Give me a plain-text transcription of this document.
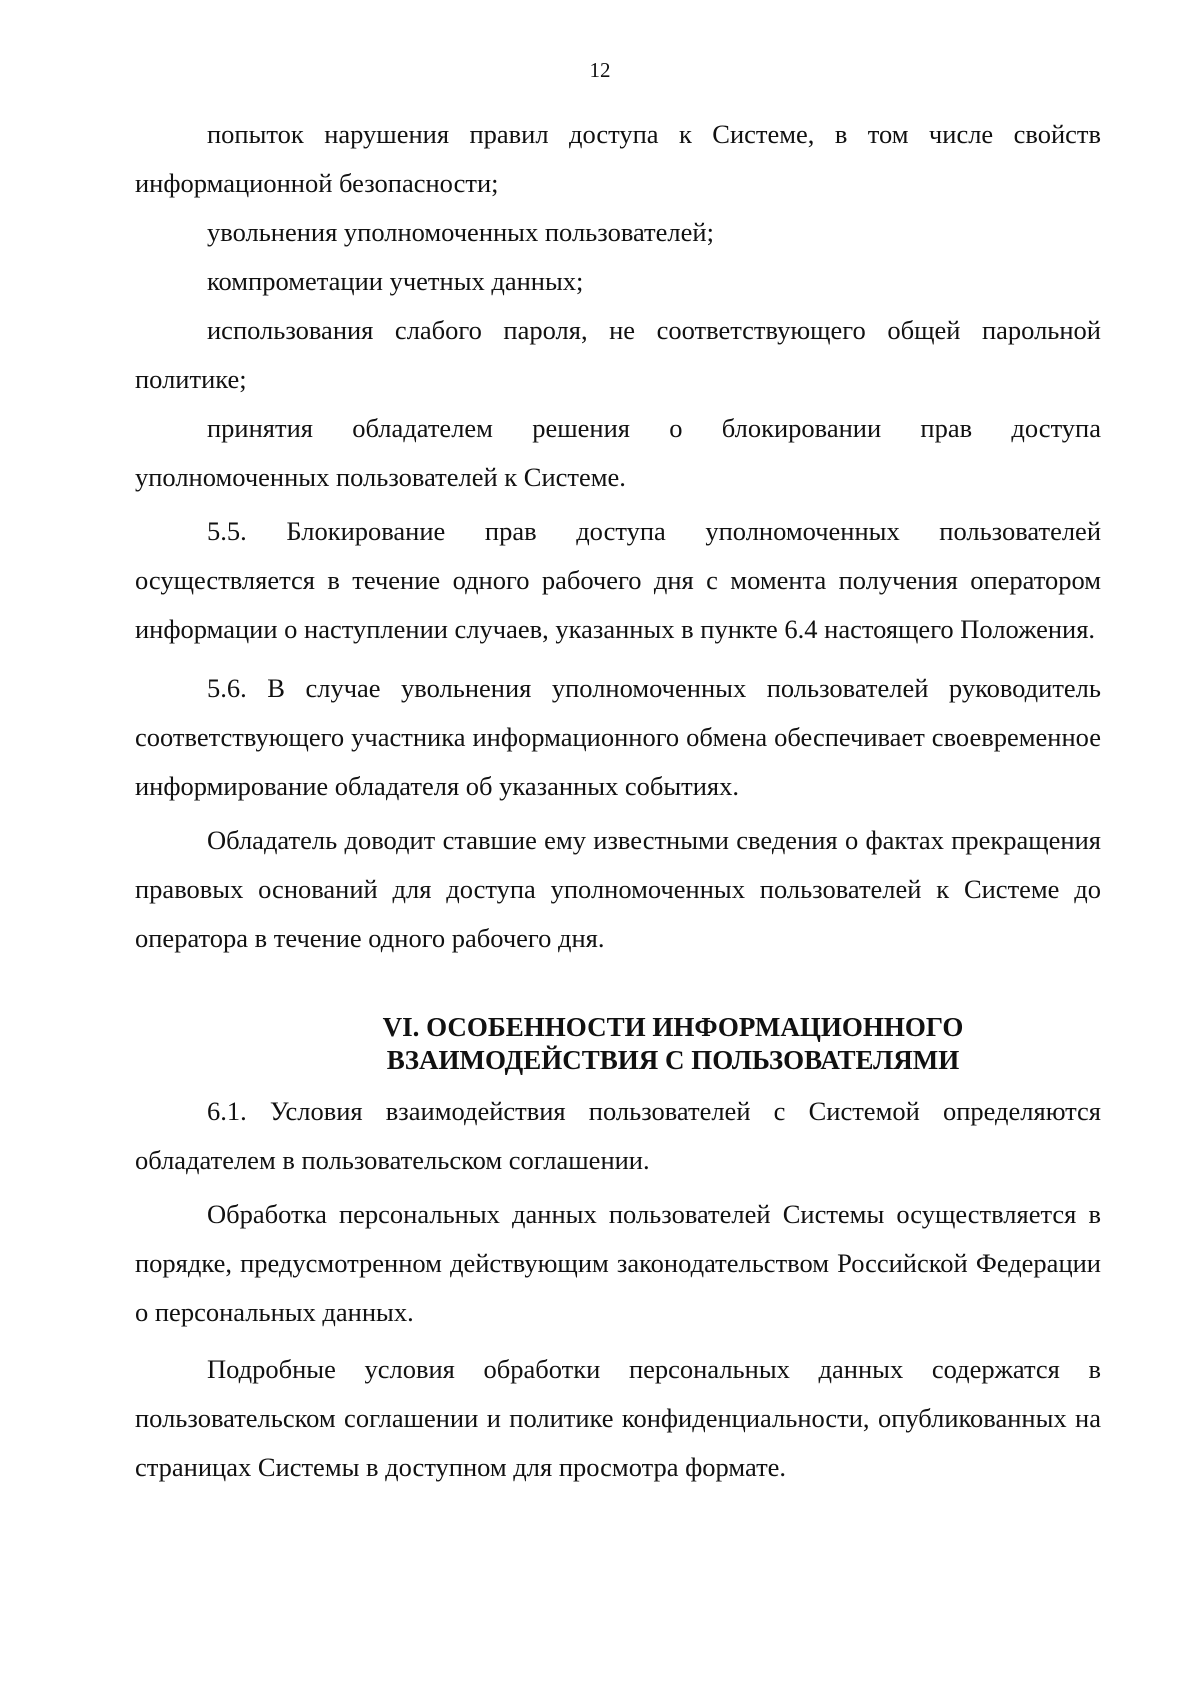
12

попыток нарушения правил доступа к Системе, в том числе свойств информационной безопасности;

увольнения уполномоченных пользователей;

компрометации учетных данных;

использования слабого пароля, не соответствующего общей парольной политике;

принятия обладателем решения о блокировании прав доступа уполномоченных пользователей к Системе.

5.5. Блокирование прав доступа уполномоченных пользователей осуществляется в течение одного рабочего дня с момента получения оператором информации о наступлении случаев, указанных в пункте 6.4 настоящего Положения.

5.6. В случае увольнения уполномоченных пользователей руководитель соответствующего участника информационного обмена обеспечивает своевременное информирование обладателя об указанных событиях.

Обладатель доводит ставшие ему известными сведения о фактах прекращения правовых оснований для доступа уполномоченных пользователей к Системе до оператора в течение одного рабочего дня.

VI. ОСОБЕННОСТИ ИНФОРМАЦИОННОГО
ВЗАИМОДЕЙСТВИЯ С ПОЛЬЗОВАТЕЛЯМИ

6.1. Условия взаимодействия пользователей с Системой определяются обладателем в пользовательском соглашении.

Обработка персональных данных пользователей Системы осуществляется в порядке, предусмотренном действующим законодательством Российской Федерации о персональных данных.

Подробные условия обработки персональных данных содержатся в пользовательском соглашении и политике конфиденциальности, опубликованных на страницах Системы в доступном для просмотра формате.
